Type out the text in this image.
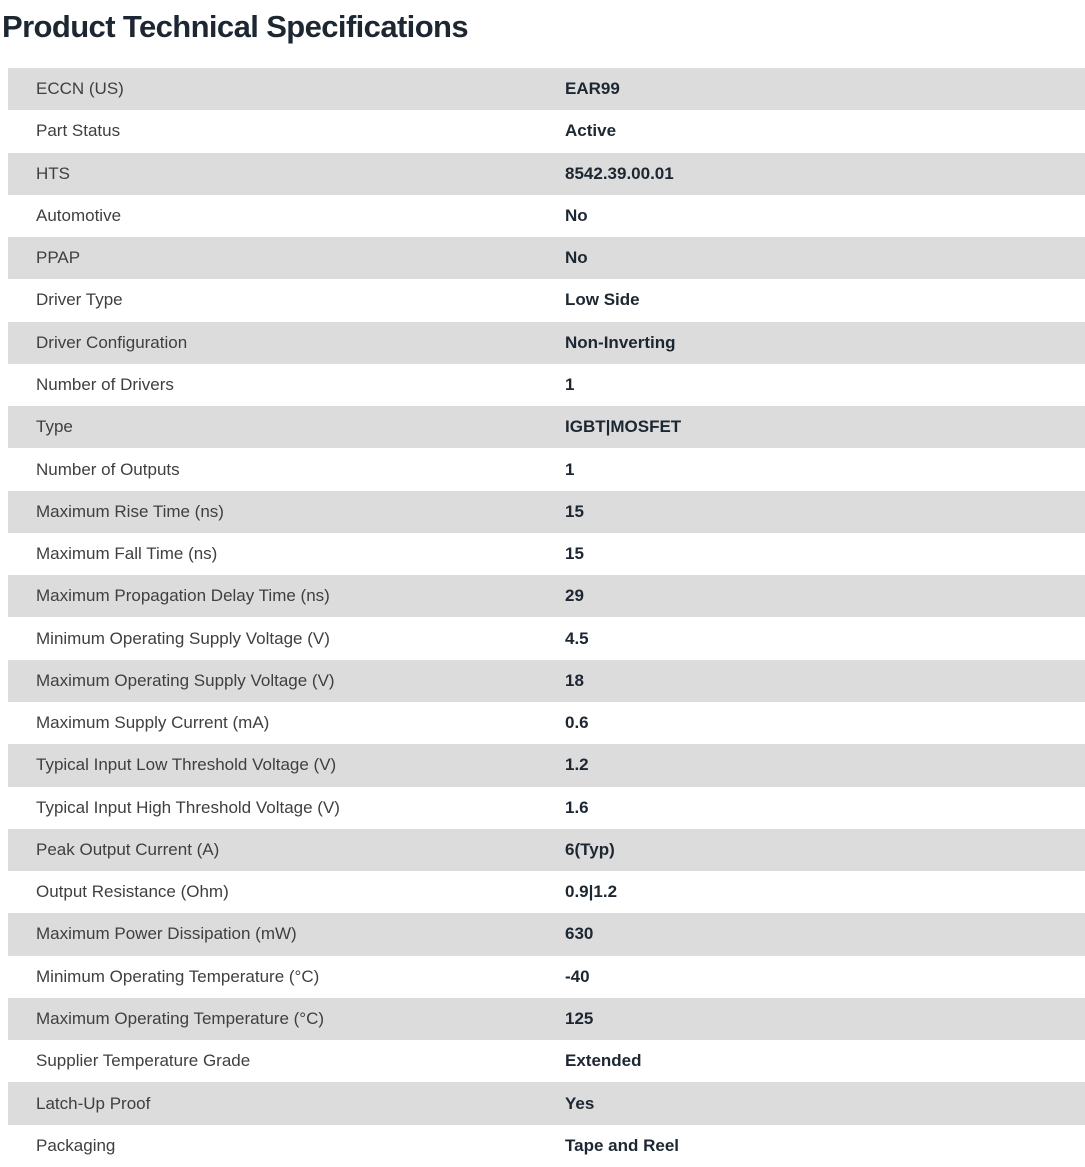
Product Technical Specifications
ECCN (US)	EAR99
Part Status	Active
HTS	8542.39.00.01
Automotive	No
PPAP	No
Driver Type	Low Side
Driver Configuration	Non-Inverting
Number of Drivers	1
Type	IGBT|MOSFET
Number of Outputs	1
Maximum Rise Time (ns)	15
Maximum Fall Time (ns)	15
Maximum Propagation Delay Time (ns)	29
Minimum Operating Supply Voltage (V)	4.5
Maximum Operating Supply Voltage (V)	18
Maximum Supply Current (mA)	0.6
Typical Input Low Threshold Voltage (V)	1.2
Typical Input High Threshold Voltage (V)	1.6
Peak Output Current (A)	6(Typ)
Output Resistance (Ohm)	0.9|1.2
Maximum Power Dissipation (mW)	630
Minimum Operating Temperature (°C)	-40
Maximum Operating Temperature (°C)	125
Supplier Temperature Grade	Extended
Latch-Up Proof	Yes
Packaging	Tape and Reel
